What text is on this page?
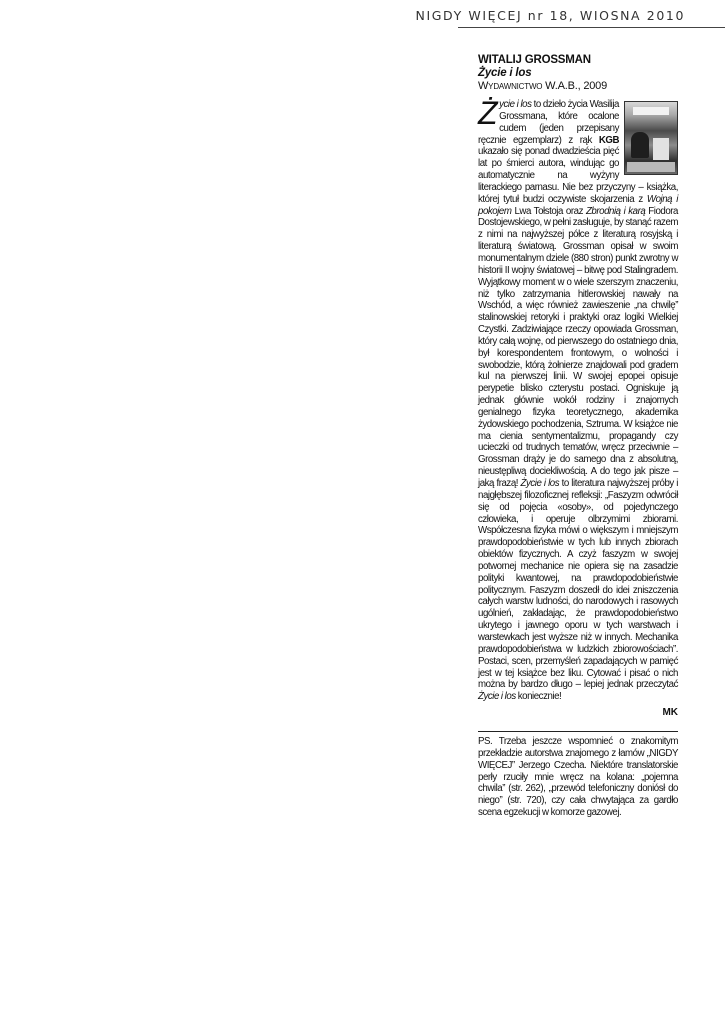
NIGDY WIĘCEJ nr 18, WIOSNA 2010
WITALIJ GROSSMAN
Życie i los
Wydawnictwo W.A.B., 2009
Ż ycie i los to dzieło życia Wasilija Grossmana, które ocalone cudem (jeden przepisany ręcznie egzemplarz) z rąk KGB ukazało się ponad dwadzieścia pięć lat po śmierci autora, windując go automatycznie na wyżyny literackiego parnasu. Nie bez przyczyny – książka, której tytuł budzi oczywiste skojarzenia z Wojną i pokojem Lwa Tołstoja oraz Zbrodnią i karą Fiodora Dostojewskiego, w pełni zasługuje, by stanąć razem z nimi na najwyższej półce z literaturą rosyjską i literaturą światową. Grossman opisał w swoim monumentalnym dziele (880 stron) punkt zwrotny w historii II wojny światowej – bitwę pod Stalingradem. Wyjątkowy moment w o wiele szerszym znaczeniu, niż tylko zatrzymania hitlerowskiej nawały na Wschód, a więc również zawieszenie „na chwilę” stalinowskiej retoryki i praktyki oraz logiki Wielkiej Czystki. Zadziwiające rzeczy opowiada Grossman, który całą wojnę, od pierwszego do ostatniego dnia, był korespondentem frontowym, o wolności i swobodzie, którą żołnierze znajdowali pod gradem kul na pierwszej linii. W swojej epopei opisuje perypetie blisko czterystu postaci. Ogniskuje ją jednak głównie wokół rodziny i znajomych genialnego fizyka teoretycznego, akademika żydowskiego pochodzenia, Sztruma. W książce nie ma cienia sentymentalizmu, propagandy czy ucieczki od trudnych tematów, wręcz przeciwnie – Grossman drąży je do samego dna z absolutną, nieustępliwą dociekliwością. A do tego jak pisze – jaką frazą! Życie i los to literatura najwyższej próby i najgłębszej filozoficznej refleksji: „Faszyzm odwrócił się od pojęcia «osoby», od pojedynczego człowieka, i operuje olbrzymimi zbiorami. Współczesna fizyka mówi o większym i mniejszym prawdopodobieństwie w tych lub innych zbiorach obiektów fizycznych. A czyż faszyzm w swojej potwornej mechanice nie opiera się na zasadzie polityki kwantowej, na prawdopodobieństwie politycznym. Faszyzm doszedł do idei zniszczenia całych warstw ludności, do narodowych i rasowych ugólnień, zakładając, że prawdopodobieństwo ukrytego i jawnego oporu w tych warstwach i warstewkach jest wyższe niż w innych. Mechanika prawdopodobieństwa w ludzkich zbiorowościach”. Postaci, scen, przemyśleń zapadających w pamięć jest w tej książce bez liku. Cytować i pisać o nich można by bardzo długo – lepiej jednak przeczytać Życie i los koniecznie!

MK
PS. Trzeba jeszcze wspomnieć o znakomitym przekładzie autorstwa znajomego z łamów „NIGDY WIĘCEJ” Jerzego Czecha. Niektóre translatorskie perły rzuciły mnie wręcz na kolana: „pojemna chwila” (str. 262), „przewód telefoniczny doniósł do niego” (str. 720), czy cała chwytająca za gardło scena egzekucji w komorze gazowej.
